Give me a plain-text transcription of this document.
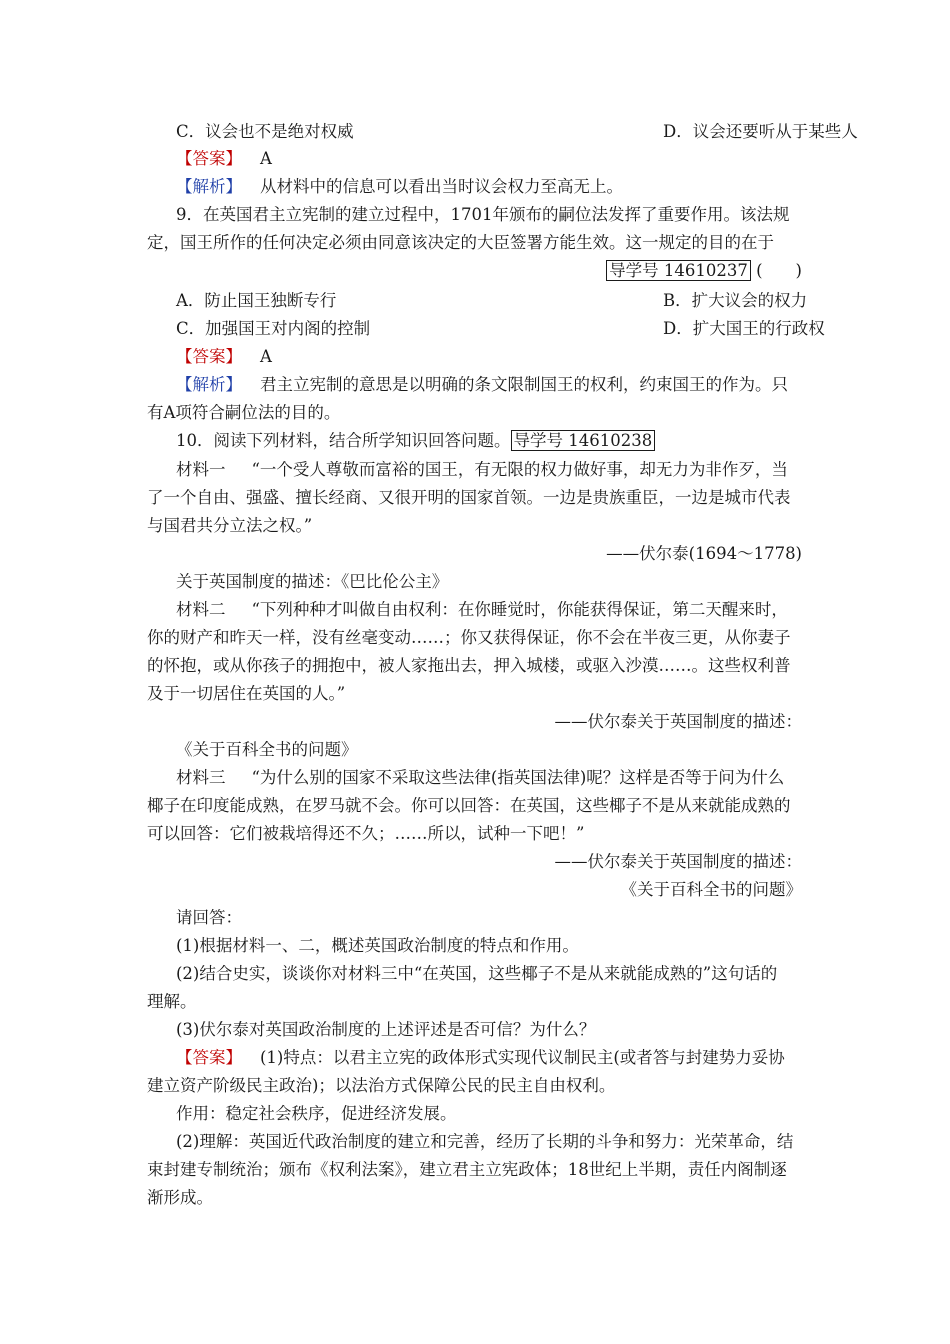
C．议会也不是绝对权威	D．议会还要听从于某些人
【答案】 A
【解析】 从材料中的信息可以看出当时议会权力至高无上。
9．在英国君主立宪制的建立过程中，1701年颁布的嗣位法发挥了重要作用。该法规
定，国王所作的任何决定必须由同意该决定的大臣签署方能生效。这一规定的目的在于
导学号 14610237 (　　)
A．防止国王独断专行	B．扩大议会的权力
C．加强国王对内阁的控制	D．扩大国王的行政权
【答案】 A
【解析】 君主立宪制的意思是以明确的条文限制国王的权利，约束国王的作为。只
有A项符合嗣位法的目的。
10．阅读下列材料，结合所学知识回答问题。 导学号 14610238
材料一 “一个受人尊敬而富裕的国王，有无限的权力做好事，却无力为非作歹，当
了一个自由、强盛、擅长经商、又很开明的国家首领。一边是贵族重臣，一边是城市代表
与国君共分立法之权。”
——伏尔泰(1694～1778)
关于英国制度的描述：《巴比伦公主》
材料二 “下列种种才叫做自由权利：在你睡觉时，你能获得保证，第二天醒来时，
你的财产和昨天一样，没有丝毫变动……；你又获得保证，你不会在半夜三更，从你妻子
的怀抱，或从你孩子的拥抱中，被人家拖出去，押入城楼，或驱入沙漠……。这些权利普
及于一切居住在英国的人。”
——伏尔泰关于英国制度的描述：
《关于百科全书的问题》
材料三 “为什么别的国家不采取这些法律(指英国法律)呢？这样是否等于问为什么
椰子在印度能成熟，在罗马就不会。你可以回答：在英国，这些椰子不是从来就能成熟的
可以回答：它们被栽培得还不久；……所以，试种一下吧！”
——伏尔泰关于英国制度的描述：
《关于百科全书的问题》
请回答：
(1)根据材料一、二，概述英国政治制度的特点和作用。
(2)结合史实，谈谈你对材料三中“在英国，这些椰子不是从来就能成熟的”这句话的
理解。
(3)伏尔泰对英国政治制度的上述评述是否可信？为什么？
【答案】 (1)特点：以君主立宪的政体形式实现代议制民主(或者答与封建势力妥协
建立资产阶级民主政治)；以法治方式保障公民的民主自由权利。
作用：稳定社会秩序，促进经济发展。
(2)理解：英国近代政治制度的建立和完善，经历了长期的斗争和努力：光荣革命，结
束封建专制统治；颁布《权利法案》，建立君主立宪政体；18世纪上半期，责任内阁制逐
渐形成。
